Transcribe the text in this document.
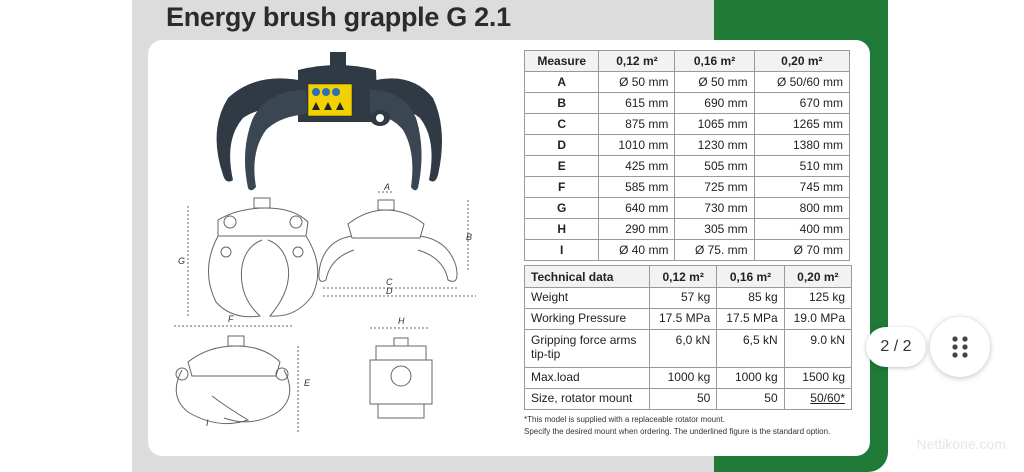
Energy brush grapple G 2.1
G
A
B
C
D
F
E
I
H
Measure	0,12 m²	0,16 m²	0,20 m²
A	Ø 50 mm	Ø 50 mm	Ø 50/60 mm
B	615 mm	690 mm	670 mm
C	875 mm	1065 mm	1265 mm
D	1010 mm	1230 mm	1380 mm
E	425 mm	505 mm	510 mm
F	585 mm	725 mm	745 mm
G	640 mm	730 mm	800 mm
H	290 mm	305 mm	400 mm
I	Ø 40 mm	Ø 75. mm	Ø 70 mm
Technical data	0,12 m²	0,16 m²	0,20 m²
Weight	57 kg	85 kg	125 kg
Working Pressure	17.5 MPa	17.5 MPa	19.0 MPa
Gripping force arms tip-tip	6,0 kN	6,5 kN	9.0 kN
Max.load	1000 kg	1000 kg	1500 kg
Size, rotator mount	50	50	50/60*
*This model is supplied with a replaceable rotator mount.
Specify the desired mount when ordering. The underlined figure is the standard option.
2 / 2
Nettikone.com
